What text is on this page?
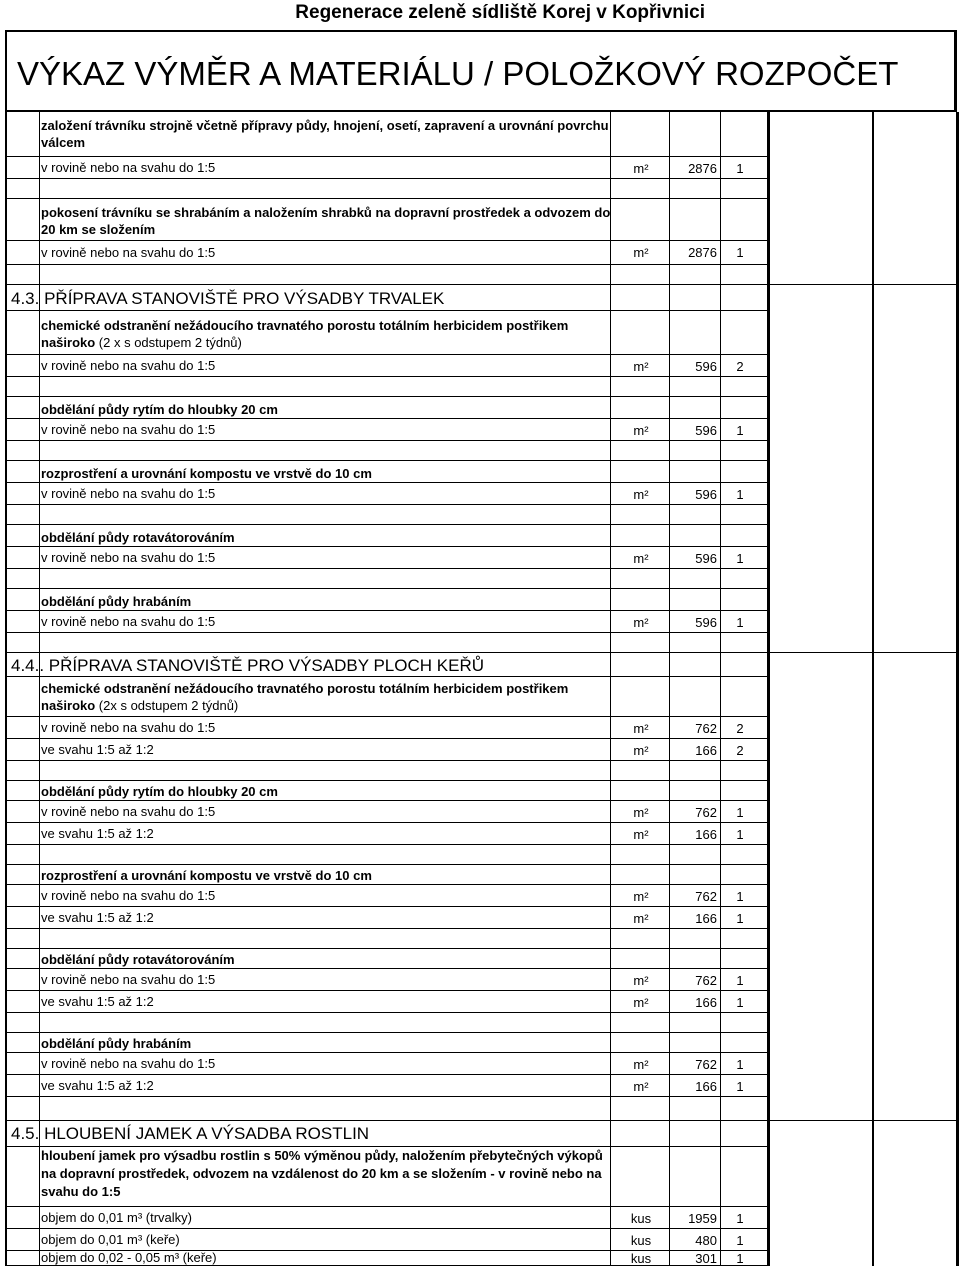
Regenerace zeleně sídliště Korej v Kopřivnici
VÝKAZ VÝMĚR A MATERIÁLU / POLOŽKOVÝ ROZPOČET
založení trávníku strojně včetně přípravy půdy, hnojení, osetí, zapravení a urovnání povrchu válcem
v rovině nebo na svahu do 1:5	m²	2876	1
pokosení trávníku se shrabáním a naložením shrabků na dopravní prostředek a odvozem do 20 km se složením
v rovině nebo na svahu do 1:5	m²	2876	1
4.3. PŘÍPRAVA STANOVIŠTĚ PRO VÝSADBY TRVALEK
chemické odstranění nežádoucího travnatého porostu totálním herbicidem postřikem naširoko (2 x s odstupem 2 týdnů)
v rovině nebo na svahu do 1:5	m²	596	2
obdělání půdy rytím do hloubky 20 cm
v rovině nebo na svahu do 1:5	m²	596	1
rozprostření a urovnání kompostu ve vrstvě do 10 cm
v rovině nebo na svahu do 1:5	m²	596	1
obdělání půdy rotavátorováním
v rovině nebo na svahu do 1:5	m²	596	1
obdělání půdy hrabáním
v rovině nebo na svahu do 1:5	m²	596	1
4.4.. PŘÍPRAVA STANOVIŠTĚ PRO VÝSADBY PLOCH KEŘŮ
chemické odstranění nežádoucího travnatého porostu totálním herbicidem postřikem naširoko (2x s odstupem 2 týdnů)
v rovině nebo na svahu do 1:5	m²	762	2
ve svahu 1:5 až 1:2	m²	166	2
obdělání půdy rytím do hloubky 20 cm
v rovině nebo na svahu do 1:5	m²	762	1
ve svahu 1:5 až 1:2	m²	166	1
rozprostření a urovnání kompostu ve vrstvě do 10 cm
v rovině nebo na svahu do 1:5	m²	762	1
ve svahu 1:5 až 1:2	m²	166	1
obdělání půdy rotavátorováním
v rovině nebo na svahu do 1:5	m²	762	1
ve svahu 1:5 až 1:2	m²	166	1
obdělání půdy hrabáním
v rovině nebo na svahu do 1:5	m²	762	1
ve svahu 1:5 až 1:2	m²	166	1
4.5. HLOUBENÍ JAMEK A VÝSADBA ROSTLIN
hloubení jamek pro výsadbu rostlin s 50% výměnou půdy, naložením přebytečných výkopů na dopravní prostředek, odvozem na vzdálenost do 20 km a se složením - v rovině nebo na svahu do 1:5
objem do 0,01 m³ (trvalky)	kus	1959	1
objem do 0,01 m³ (keře)	kus	480	1
objem do 0,02 - 0,05 m³ (keře)	kus	301	1
